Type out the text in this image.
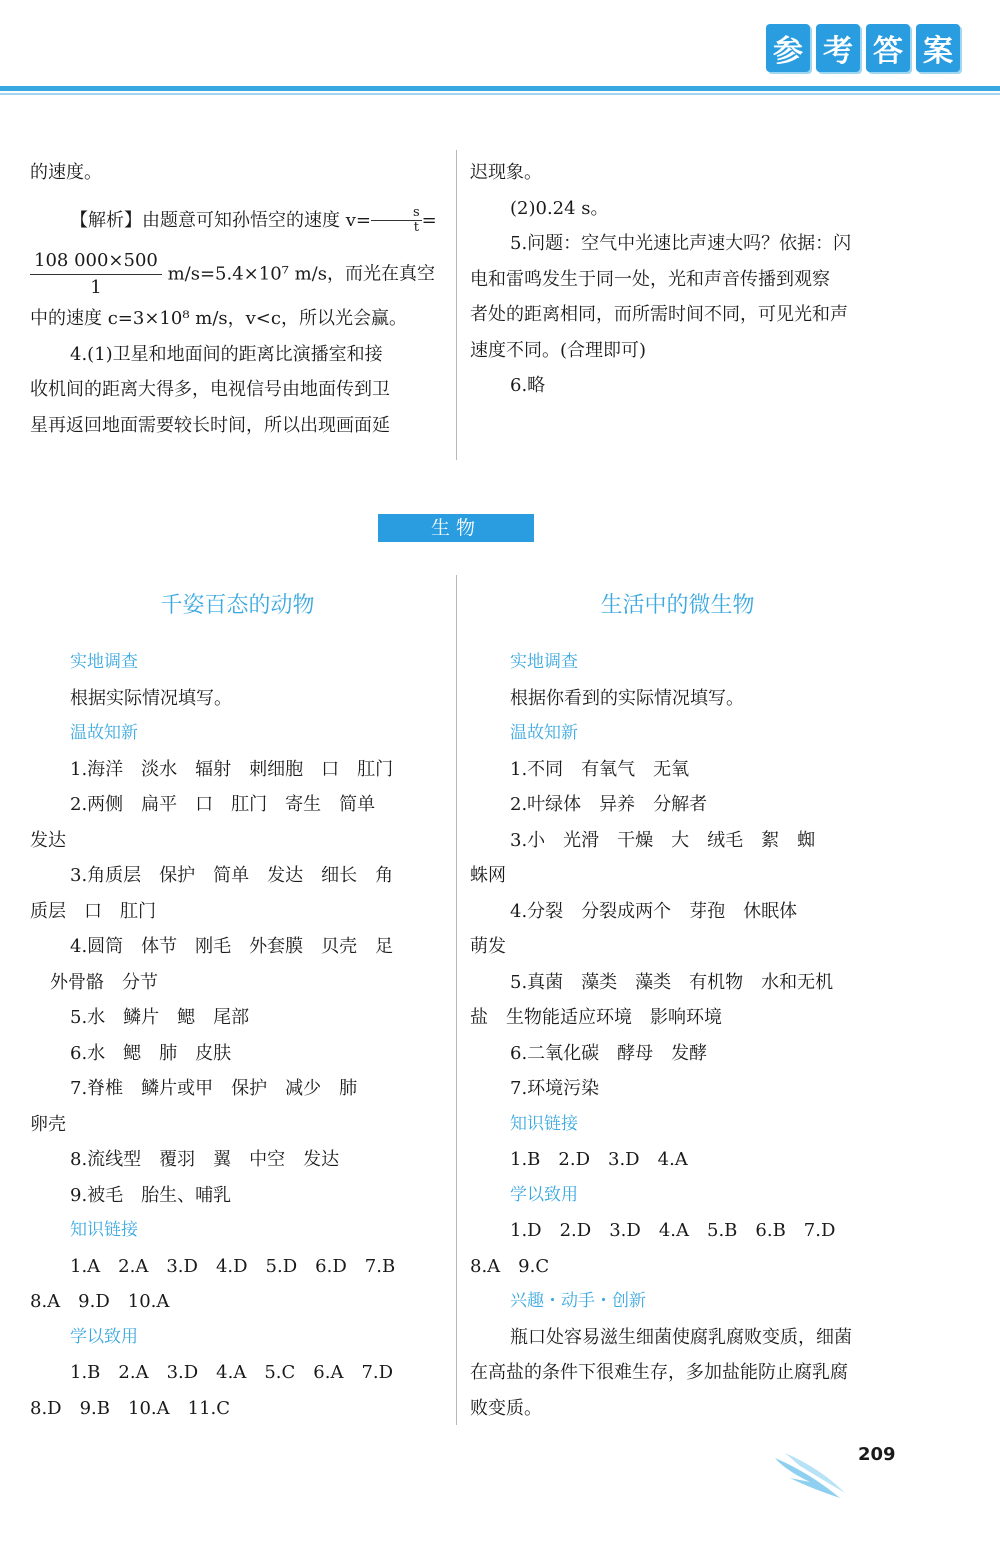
参 考 答 案

的速度。

【解析】由题意可知孙悟空的速度 $v= \frac{s}{t}$ =

$\frac{108 000\times 500}{1} m/s=5.4\times 10^7$ m/s，而光在真空

中的速度 c=3×10⁸ m/s，v<c，所以光会赢。

4.(1)卫星和地面间的距离比演播室和接

收机间的距离大得多，电视信号由地面传到卫

星再返回地面需要较长时间，所以出现画面延

迟现象。

(2)0.24 s。

5.问题：空气中光速比声速大吗？依据：闪

电和雷鸣发生于同一处，光和声音传播到观察

者处的距离相同，而所需时间不同，可见光和声

速度不同。(合理即可)

6.略

生物
千姿百态的动物	生活中的微生物

实地调查

根据实际情况填写。

温故知新

1.海洋　淡水　辐射　刺细胞　口　肛门

2.两侧　扁平　口　肛门　寄生　简单

发达

3.角质层　保护　简单　发达　细长　角

质层　口　肛门

4.圆筒　体节　刚毛　外套膜　贝壳　足

外骨骼　分节

5.水　鳞片　鳃　尾部

6.水　鳃　肺　皮肤

7.脊椎　鳞片或甲　保护　减少　肺

卵壳

8.流线型　覆羽　翼　中空　发达

9.被毛　胎生、哺乳

知识链接

1.A　2.A　3.D　4.D　5.D　6.D　7.B

8.A　9.D　10.A

学以致用

1.B　2.A　3.D　4.A　5.C　6.A　7.D

8.D　9.B　10.A　11.C

实地调查

根据你看到的实际情况填写。

温故知新

1.不同　有氧气　无氧

2.叶绿体　异养　分解者

3.小　光滑　干燥　大　绒毛　絮　蜘

蛛网

4.分裂　分裂成两个　芽孢　休眠体

萌发

5.真菌　藻类　藻类　有机物　水和无机

盐　生物能适应环境　影响环境

6.二氧化碳　酵母　发酵

7.环境污染

知识链接

1.B　2.D　3.D　4.A

学以致用

1.D　2.D　3.D　4.A　5.B　6.B　7.D

8.A　9.C

兴趣・动手・创新

瓶口处容易滋生细菌使腐乳腐败变质，细菌

在高盐的条件下很难生存，多加盐能防止腐乳腐

败变质。

209
